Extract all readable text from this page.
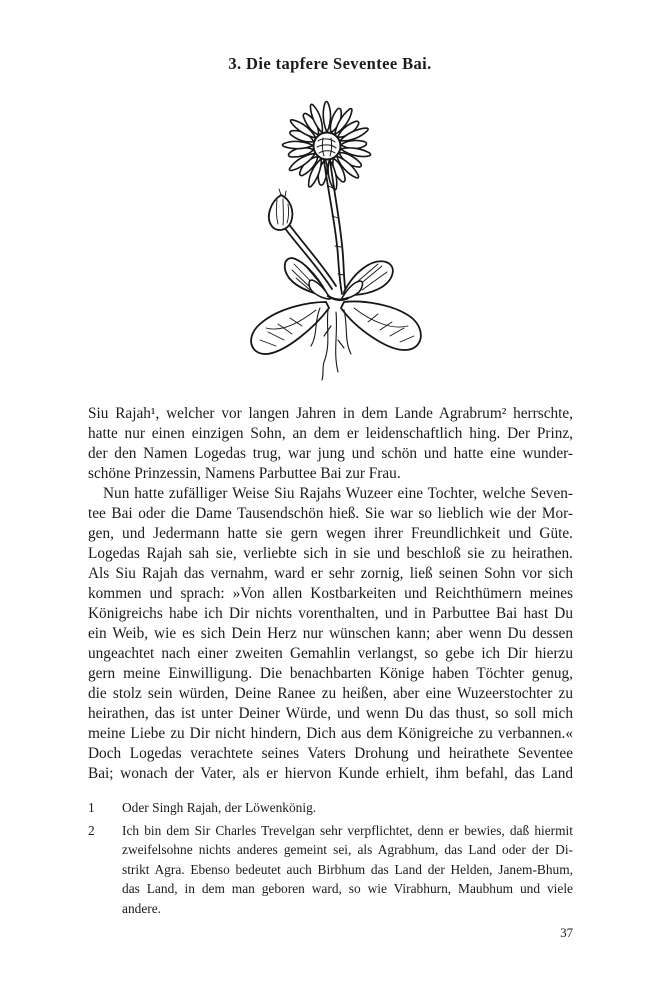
3. Die tapfere Seventee Bai.
Siu Rajah¹, welcher vor langen Jahren in dem Lande Agrabrum² herrschte,
hatte nur einen einzigen Sohn, an dem er leidenschaftlich hing. Der Prinz,
der den Namen Logedas trug, war jung und schön und hatte eine wunder-
schöne Prinzessin, Namens Parbuttee Bai zur Frau.
Nun hatte zufälliger Weise Siu Rajahs Wuzeer eine Tochter, welche Seven-
tee Bai oder die Dame Tausendschön hieß. Sie war so lieblich wie der Mor-
gen, und Jedermann hatte sie gern wegen ihrer Freundlichkeit und Güte.
Logedas Rajah sah sie, verliebte sich in sie und beschloß sie zu heirathen.
Als Siu Rajah das vernahm, ward er sehr zornig, ließ seinen Sohn vor sich
kommen und sprach: »Von allen Kostbarkeiten und Reichthümern meines
Königreichs habe ich Dir nichts vorenthalten, und in Parbuttee Bai hast Du
ein Weib, wie es sich Dein Herz nur wünschen kann; aber wenn Du dessen
ungeachtet nach einer zweiten Gemahlin verlangst, so gebe ich Dir hierzu
gern meine Einwilligung. Die benachbarten Könige haben Töchter genug,
die stolz sein würden, Deine Ranee zu heißen, aber eine Wuzeerstochter zu
heirathen, das ist unter Deiner Würde, und wenn Du das thust, so soll mich
meine Liebe zu Dir nicht hindern, Dich aus dem Königreiche zu verbannen.«
Doch Logedas verachtete seines Vaters Drohung und heirathete Seventee
Bai; wonach der Vater, als er hiervon Kunde erhielt, ihm befahl, das Land
1	Oder Singh Rajah, der Löwenkönig.
2	Ich bin dem Sir Charles Trevelgan sehr verpflichtet, denn er bewies, daß hiermit
zweifelsohne nichts anderes gemeint sei, als Agrabhum, das Land oder der Di-
strikt Agra. Ebenso bedeutet auch Birbhum das Land der Helden, Janem-Bhum,
das Land, in dem man geboren ward, so wie Virabhurn, Maubhum und viele
andere.
37
